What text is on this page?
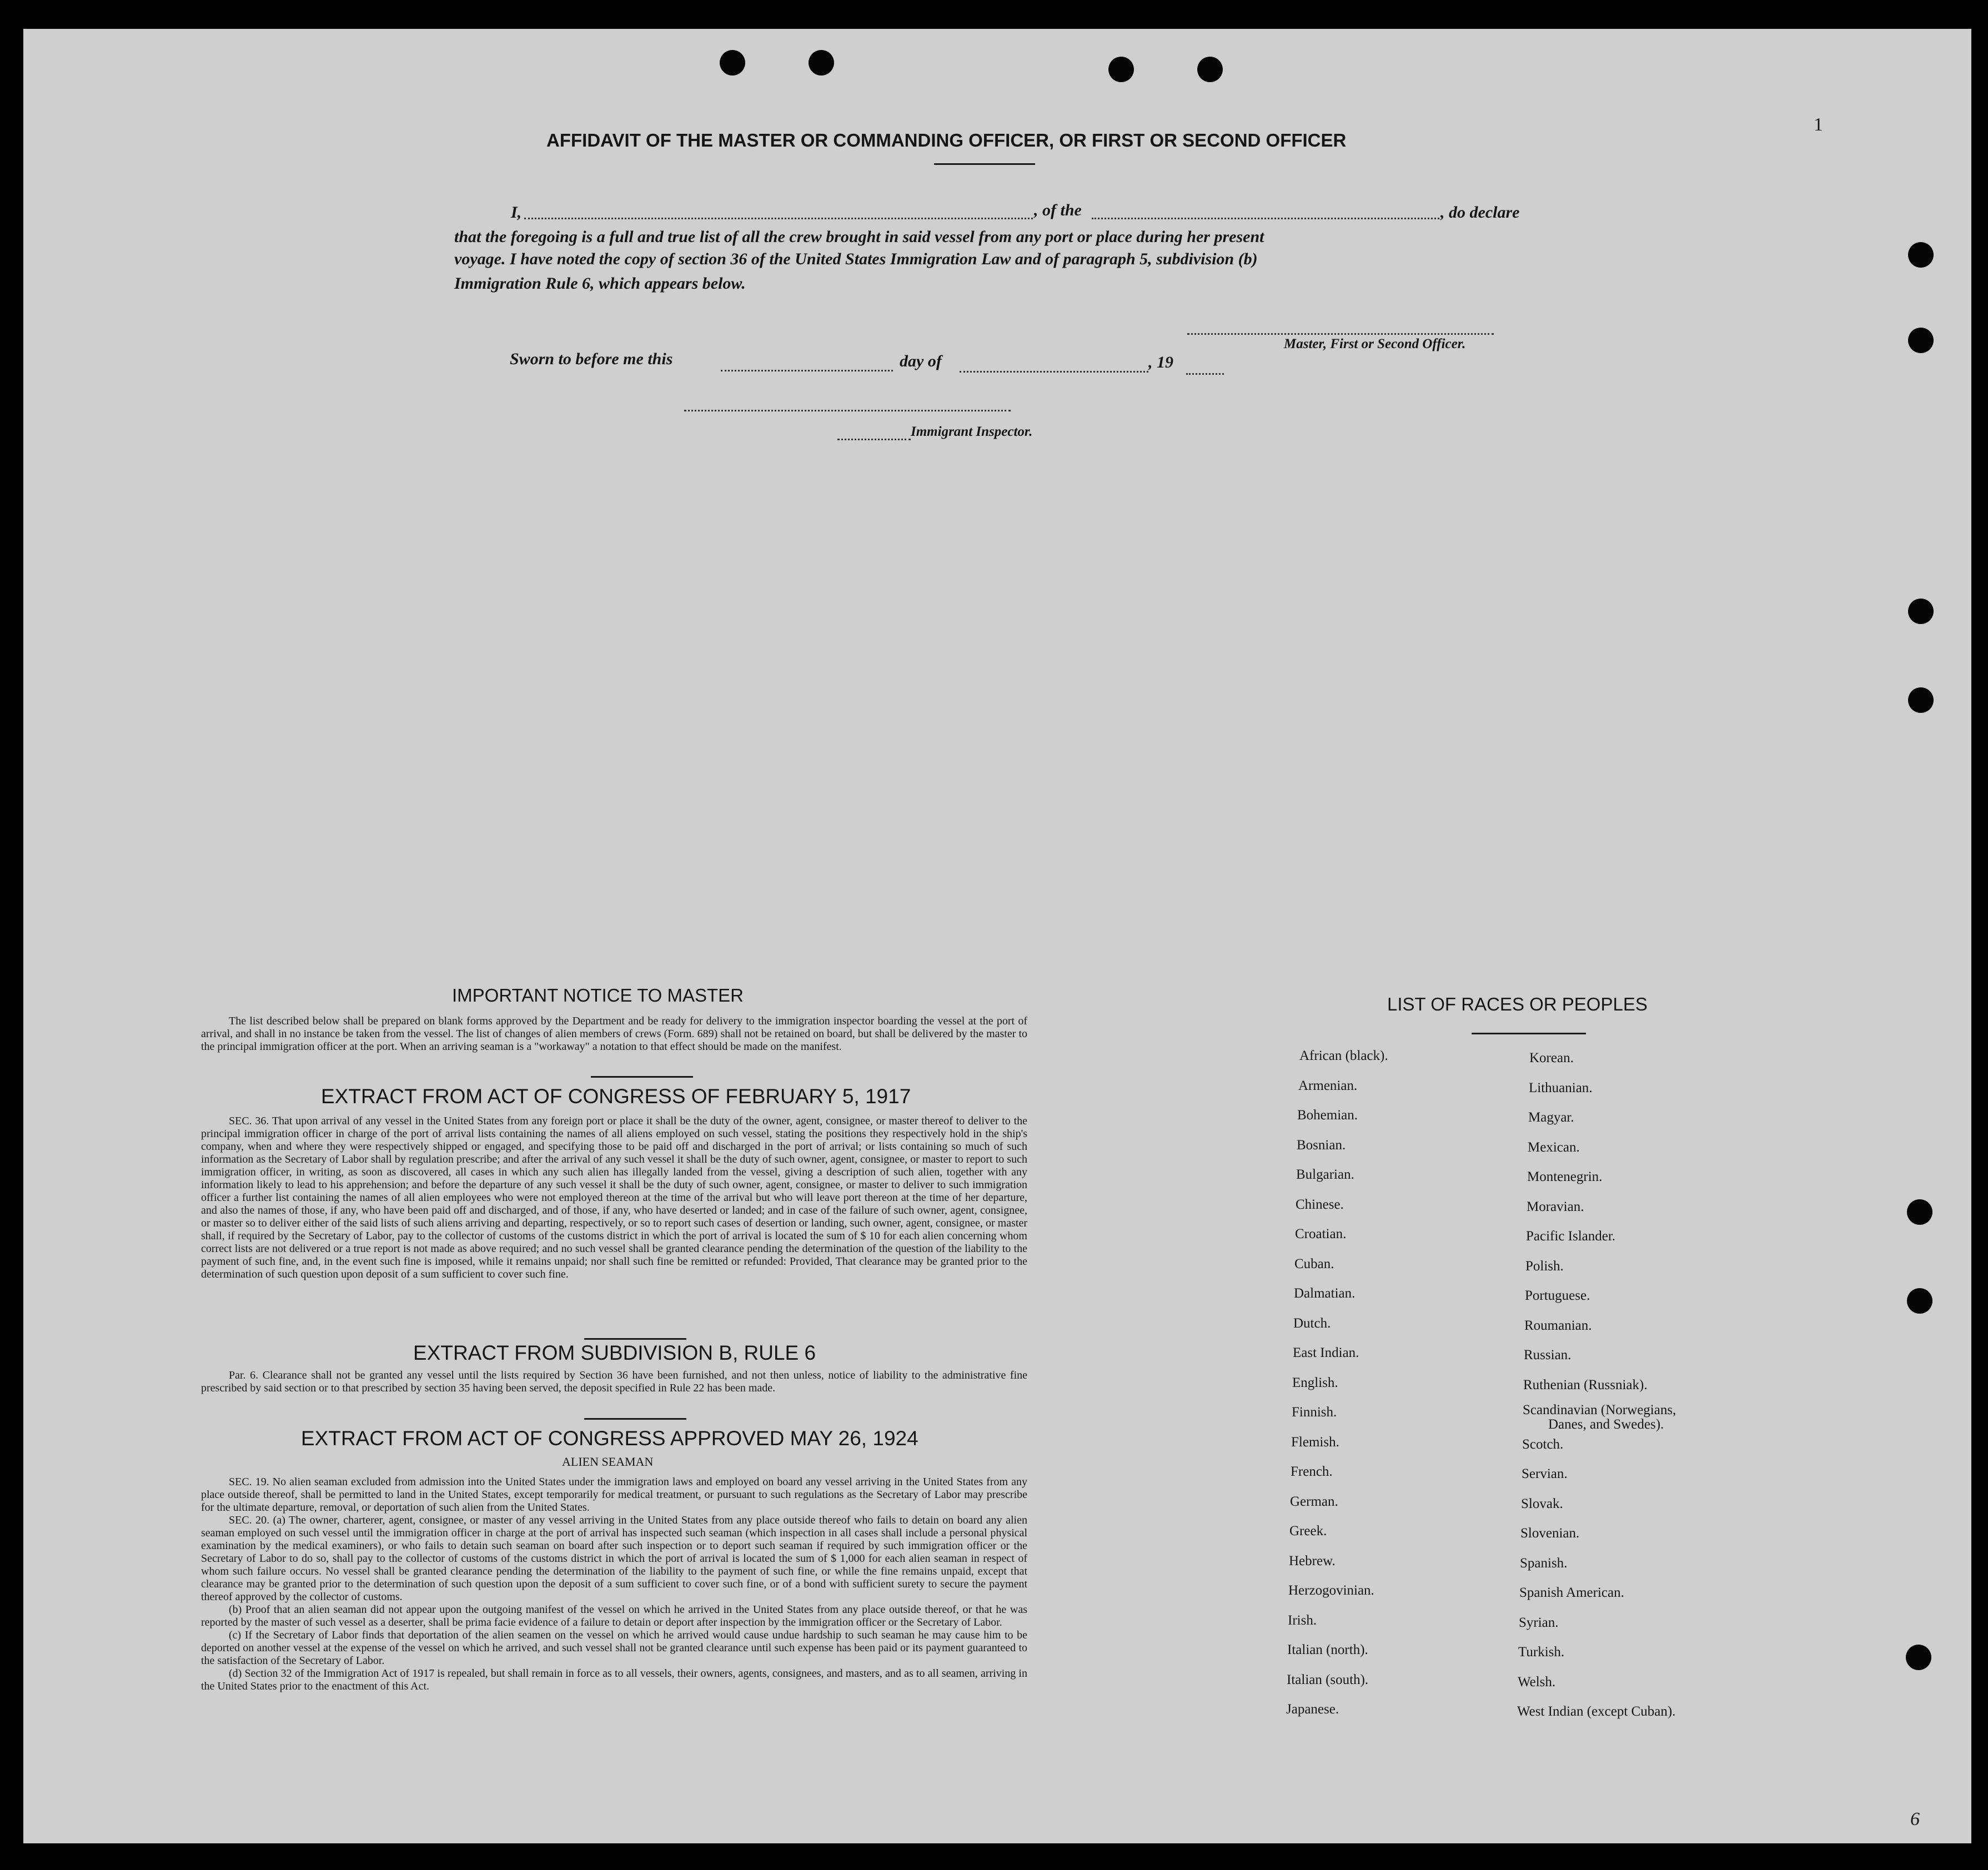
1
6
AFFIDAVIT OF THE MASTER OR COMMANDING OFFICER, OR FIRST OR SECOND OFFICER
I,	, of the	, do declare
that the foregoing is a full and true list of all the crew brought in said vessel from any port or place during her present
voyage. I have noted the copy of section 36 of the United States Immigration Law and of paragraph 5, subdivision (b)
Immigration Rule 6, which appears below.
Master, First or Second Officer.
Sworn to before me this	day of	, 19
Immigrant Inspector.
IMPORTANT NOTICE TO MASTER

The list described below shall be prepared on blank forms approved by the Department and be ready for delivery to the immigration inspector boarding the vessel at the port of arrival, and shall in no instance be taken from the vessel. The list of changes of alien members of crews (Form. 689) shall not be retained on board, but shall be delivered by the master to the principal immigration officer at the port. When an arriving seaman is a "workaway" a notation to that effect should be made on the manifest.

EXTRACT FROM ACT OF CONGRESS OF FEBRUARY 5, 1917

SEC. 36. That upon arrival of any vessel in the United States from any foreign port or place it shall be the duty of the owner, agent, consignee, or master thereof to deliver to the principal immigration officer in charge of the port of arrival lists containing the names of all aliens employed on such vessel, stating the positions they respectively hold in the ship's company, when and where they were respectively shipped or engaged, and specifying those to be paid off and discharged in the port of arrival; or lists containing so much of such information as the Secretary of Labor shall by regulation prescribe; and after the arrival of any such vessel it shall be the duty of such owner, agent, consignee, or master to report to such immigration officer, in writing, as soon as discovered, all cases in which any such alien has illegally landed from the vessel, giving a description of such alien, together with any information likely to lead to his apprehension; and before the departure of any such vessel it shall be the duty of such owner, agent, consignee, or master to deliver to such immigration officer a further list containing the names of all alien employees who were not employed thereon at the time of the arrival but who will leave port thereon at the time of her departure, and also the names of those, if any, who have been paid off and discharged, and of those, if any, who have deserted or landed; and in case of the failure of such owner, agent, consignee, or master so to deliver either of the said lists of such aliens arriving and departing, respectively, or so to report such cases of desertion or landing, such owner, agent, consignee, or master shall, if required by the Secretary of Labor, pay to the collector of customs of the customs district in which the port of arrival is located the sum of $ 10 for each alien concerning whom correct lists are not delivered or a true report is not made as above required; and no such vessel shall be granted clearance pending the determination of the question of the liability to the payment of such fine, and, in the event such fine is imposed, while it remains unpaid; nor shall such fine be remitted or refunded: Provided, That clearance may be granted prior to the determination of such question upon deposit of a sum sufficient to cover such fine.

EXTRACT FROM SUBDIVISION B, RULE 6

Par. 6. Clearance shall not be granted any vessel until the lists required by Section 36 have been furnished, and not then unless, notice of liability to the administrative fine prescribed by said section or to that prescribed by section 35 having been served, the deposit specified in Rule 22 has been made.

EXTRACT FROM ACT OF CONGRESS APPROVED MAY 26, 1924
ALIEN SEAMAN

SEC. 19. No alien seaman excluded from admission into the United States under the immigration laws and employed on board any vessel arriving in the United States from any place outside thereof, shall be permitted to land in the United States, except temporarily for medical treatment, or pursuant to such regulations as the Secretary of Labor may prescribe for the ultimate departure, removal, or deportation of such alien from the United States.

SEC. 20. (a) The owner, charterer, agent, consignee, or master of any vessel arriving in the United States from any place outside thereof who fails to detain on board any alien seaman employed on such vessel until the immigration officer in charge at the port of arrival has inspected such seaman (which inspection in all cases shall include a personal physical examination by the medical examiners), or who fails to detain such seaman on board after such inspection or to deport such seaman if required by such immigration officer or the Secretary of Labor to do so, shall pay to the collector of customs of the customs district in which the port of arrival is located the sum of $ 1,000 for each alien seaman in respect of whom such failure occurs. No vessel shall be granted clearance pending the determination of the liability to the payment of such fine, or while the fine remains unpaid, except that clearance may be granted prior to the determination of such question upon the deposit of a sum sufficient to cover such fine, or of a bond with sufficient surety to secure the payment thereof approved by the collector of customs.

(b) Proof that an alien seaman did not appear upon the outgoing manifest of the vessel on which he arrived in the United States from any place outside thereof, or that he was reported by the master of such vessel as a deserter, shall be prima facie evidence of a failure to detain or deport after inspection by the immigration officer or the Secretary of Labor.

(c) If the Secretary of Labor finds that deportation of the alien seamen on the vessel on which he arrived would cause undue hardship to such seaman he may cause him to be deported on another vessel at the expense of the vessel on which he arrived, and such vessel shall not be granted clearance until such expense has been paid or its payment guaranteed to the satisfaction of the Secretary of Labor.

(d) Section 32 of the Immigration Act of 1917 is repealed, but shall remain in force as to all vessels, their owners, agents, consignees, and masters, and as to all seamen, arriving in the United States prior to the enactment of this Act.

LIST OF RACES OR PEOPLES
African (black).
Armenian.
Bohemian.
Bosnian.
Bulgarian.
Chinese.
Croatian.
Cuban.
Dalmatian.
Dutch.
East Indian.
English.
Finnish.
Flemish.
French.
German.
Greek.
Hebrew.
Herzogovinian.
Irish.
Italian (north).
Italian (south).
Japanese.
Korean.
Lithuanian.
Magyar.
Mexican.
Montenegrin.
Moravian.
Pacific Islander.
Polish.
Portuguese.
Roumanian.
Russian.
Ruthenian (Russniak).
Scandinavian (Norwegians,
Danes, and Swedes).
Scotch.
Servian.
Slovak.
Slovenian.
Spanish.
Spanish American.
Syrian.
Turkish.
Welsh.
West Indian (except Cuban).
